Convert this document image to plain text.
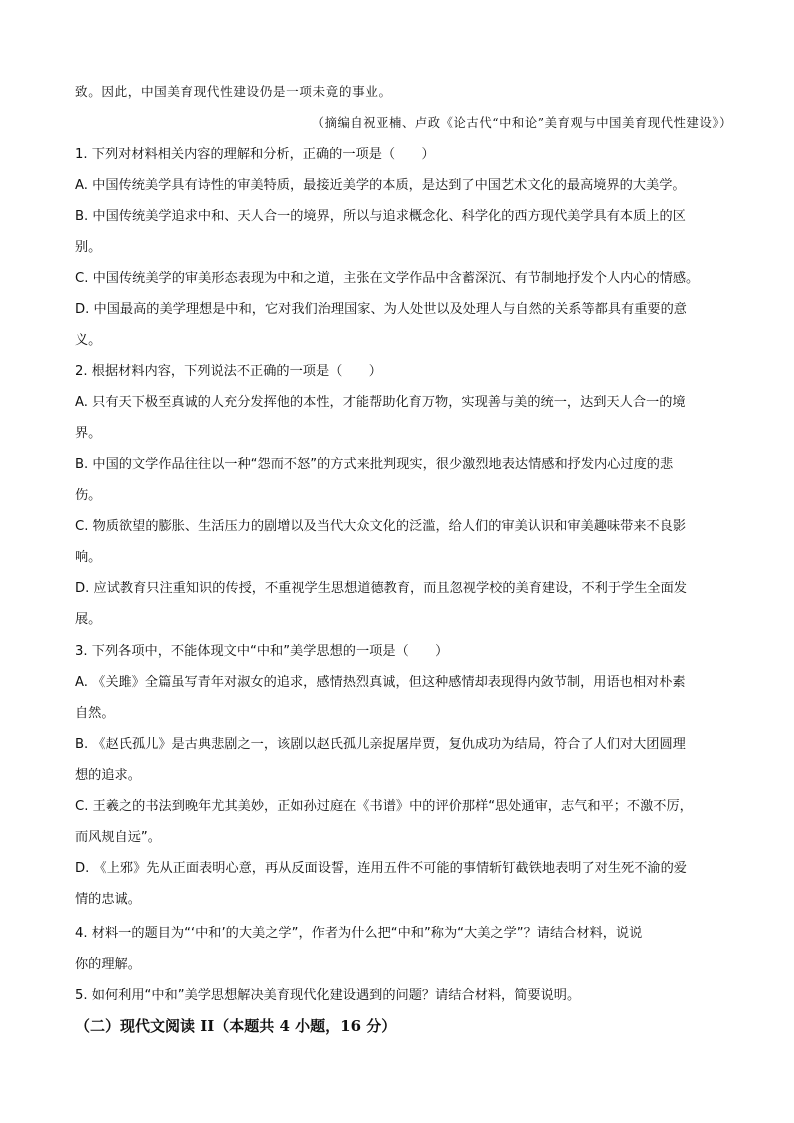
致。因此，中国美育现代性建设仍是一项未竟的事业。
（摘编自祝亚楠、卢政《论古代“中和论”美育观与中国美育现代性建设》）
1. 下列对材料相关内容的理解和分析，正确的一项是（　　）
A. 中国传统美学具有诗性的审美特质，最接近美学的本质，是达到了中国艺术文化的最高境界的大美学。
B. 中国传统美学追求中和、天人合一的境界，所以与追求概念化、科学化的西方现代美学具有本质上的区
别。
C. 中国传统美学的审美形态表现为中和之道，主张在文学作品中含蓄深沉、有节制地抒发个人内心的情感。
D. 中国最高的美学理想是中和，它对我们治理国家、为人处世以及处理人与自然的关系等都具有重要的意
义。
2. 根据材料内容，下列说法不正确的一项是（　　）
A. 只有天下极至真诚的人充分发挥他的本性，才能帮助化育万物，实现善与美的统一，达到天人合一的境
界。
B. 中国的文学作品往往以一种“怨而不怒”的方式来批判现实，很少激烈地表达情感和抒发内心过度的悲
伤。
C. 物质欲望的膨胀、生活压力的剧增以及当代大众文化的泛滥，给人们的审美认识和审美趣味带来不良影
响。
D. 应试教育只注重知识的传授，不重视学生思想道德教育，而且忽视学校的美育建设，不利于学生全面发
展。
3. 下列各项中，不能体现文中“中和”美学思想的一项是（　　）
A. 《关雎》全篇虽写青年对淑女的追求，感情热烈真诚，但这种感情却表现得内敛节制，用语也相对朴素
自然。
B. 《赵氏孤儿》是古典悲剧之一，该剧以赵氏孤儿亲捉屠岸贾，复仇成功为结局，符合了人们对大团圆理
想的追求。
C. 王羲之的书法到晚年尤其美妙，正如孙过庭在《书谱》中的评价那样“思处通审，志气和平；不激不厉，
而风规自远”。
D. 《上邪》先从正面表明心意，再从反面设誓，连用五件不可能的事情斩钉截铁地表明了对生死不渝的爱
情的忠诚。
4. 材料一的题目为“‘中和’的大美之学”，作者为什么把“中和”称为“大美之学”？请结合材料，说说
你的理解。
5. 如何利用“中和”美学思想解决美育现代化建设遇到的问题？请结合材料，简要说明。
（二）现代文阅读 II（本题共 4 小题，16 分）
